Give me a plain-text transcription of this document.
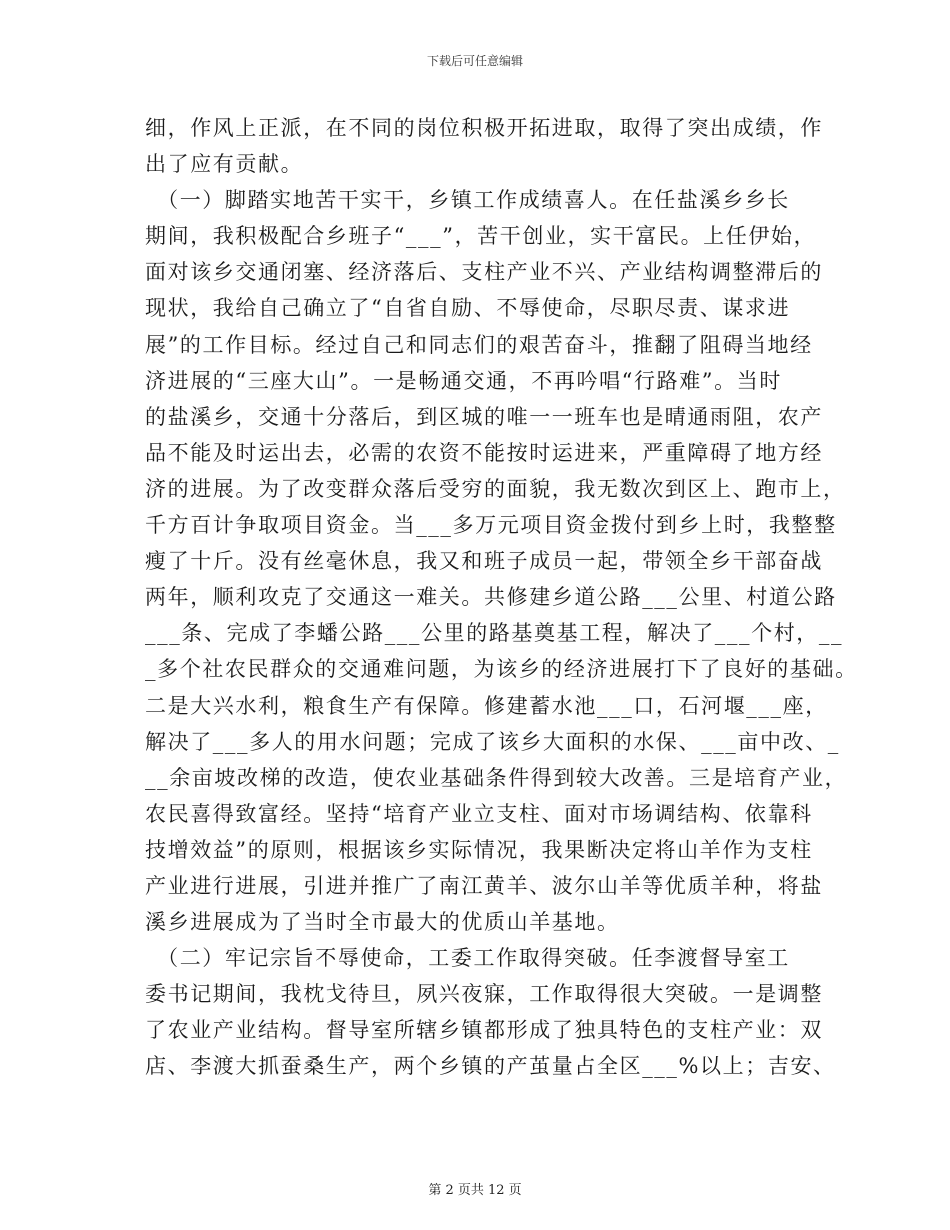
下载后可任意编辑
细，作风上正派，在不同的岗位积极开拓进取，取得了突出成绩，作
出了应有贡献。
　（一）脚踏实地苦干实干，乡镇工作成绩喜人。在任盐溪乡乡长
期间，我积极配合乡班子“___”，苦干创业，实干富民。上任伊始，
面对该乡交通闭塞、经济落后、支柱产业不兴、产业结构调整滞后的
现状，我给自己确立了“自省自励、不辱使命，尽职尽责、谋求进
展”的工作目标。经过自己和同志们的艰苦奋斗，推翻了阻碍当地经
济进展的“三座大山”。一是畅通交通，不再吟唱“行路难”。当时
的盐溪乡，交通十分落后，到区城的唯一一班车也是晴通雨阻，农产
品不能及时运出去，必需的农资不能按时运进来，严重障碍了地方经
济的进展。为了改变群众落后受穷的面貌，我无数次到区上、跑市上，
千方百计争取项目资金。当___多万元项目资金拨付到乡上时，我整整
瘦了十斤。没有丝毫休息，我又和班子成员一起，带领全乡干部奋战
两年，顺利攻克了交通这一难关。共修建乡道公路___公里、村道公路
___条、完成了李蟠公路___公里的路基奠基工程，解决了___个村，__
_多个社农民群众的交通难问题，为该乡的经济进展打下了良好的基础。
二是大兴水利，粮食生产有保障。修建蓄水池___口，石河堰___座，
解决了___多人的用水问题；完成了该乡大面积的水保、___亩中改、_
__余亩坡改梯的改造，使农业基础条件得到较大改善。三是培育产业，
农民喜得致富经。坚持“培育产业立支柱、面对市场调结构、依靠科
技增效益”的原则，根据该乡实际情况，我果断决定将山羊作为支柱
产业进行进展，引进并推广了南江黄羊、波尔山羊等优质羊种，将盐
溪乡进展成为了当时全市最大的优质山羊基地。
　（二）牢记宗旨不辱使命，工委工作取得突破。任李渡督导室工
委书记期间，我枕戈待旦，夙兴夜寐，工作取得很大突破。一是调整
了农业产业结构。督导室所辖乡镇都形成了独具特色的支柱产业：双
店、李渡大抓蚕桑生产，两个乡镇的产茧量占全区___%以上；吉安、
第 2 页共 12 页
